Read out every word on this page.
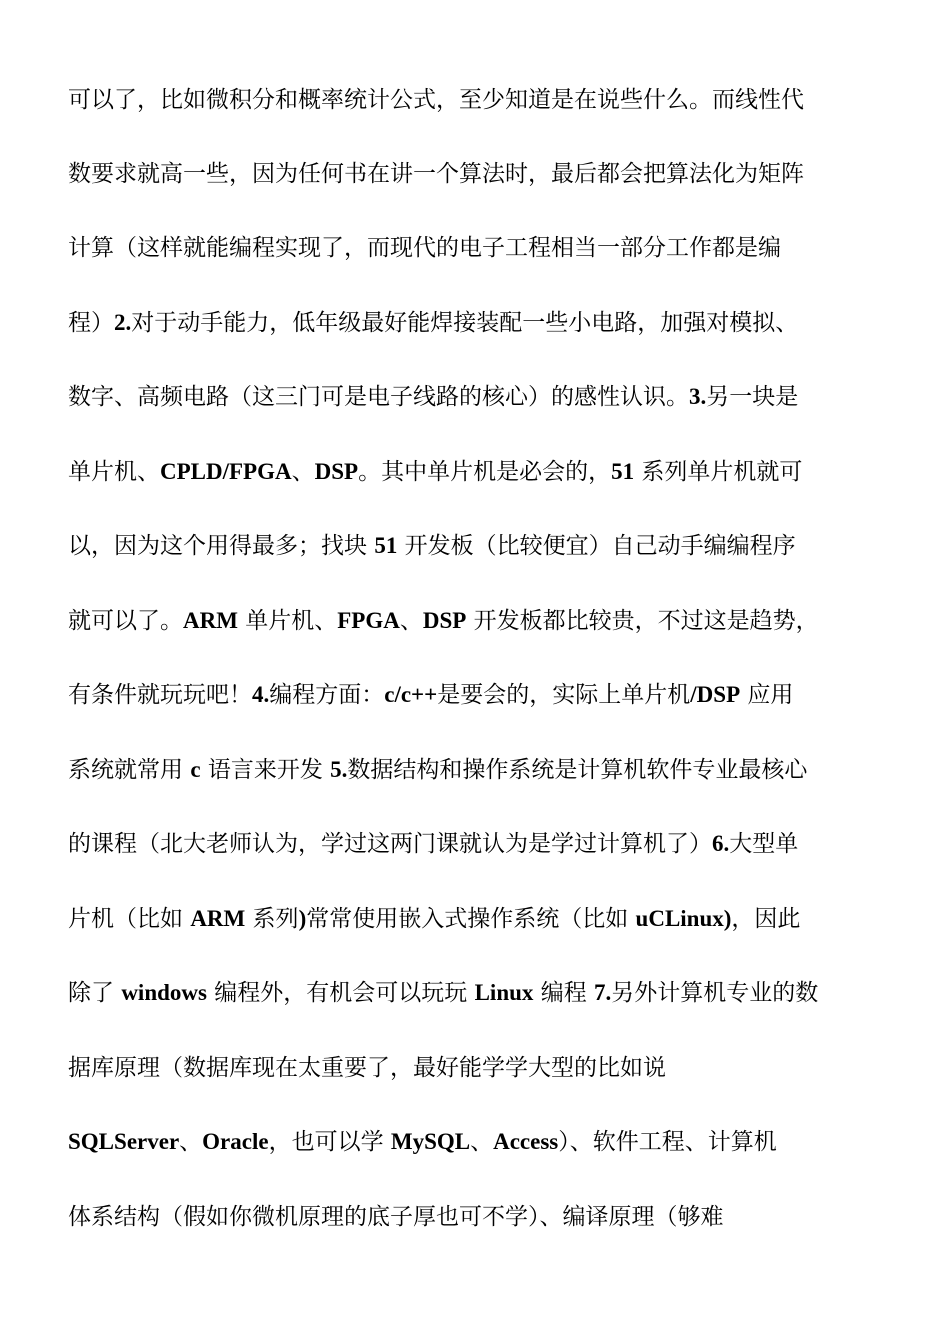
可以了，比如微积分和概率统计公式，至少知道是在说些什么。而线性代
数要求就高一些，因为任何书在讲一个算法时，最后都会把算法化为矩阵
计算（这样就能编程实现了，而现代的电子工程相当一部分工作都是编
程）2.对于动手能力，低年级最好能焊接装配一些小电路，加强对模拟、
数字、高频电路（这三门可是电子线路的核心）的感性认识。3.另一块是
单片机、CPLD/FPGA、DSP。其中单片机是必会的，51 系列单片机就可
以，因为这个用得最多；找块 51 开发板（比较便宜）自己动手编编程序
就可以了。ARM 单片机、FPGA、DSP 开发板都比较贵，不过这是趋势，
有条件就玩玩吧！4.编程方面：c/c++是要会的，实际上单片机/DSP 应用
系统就常用 c 语言来开发 5.数据结构和操作系统是计算机软件专业最核心
的课程（北大老师认为，学过这两门课就认为是学过计算机了）6.大型单
片机（比如 ARM 系列)常常使用嵌入式操作系统（比如 uCLinux)，因此
除了 windows 编程外，有机会可以玩玩 Linux 编程 7.另外计算机专业的数
据库原理（数据库现在太重要了，最好能学学大型的比如说
SQLServer、Oracle，也可以学 MySQL、Access）、软件工程、计算机
体系结构（假如你微机原理的底子厚也可不学）、编译原理（够难
